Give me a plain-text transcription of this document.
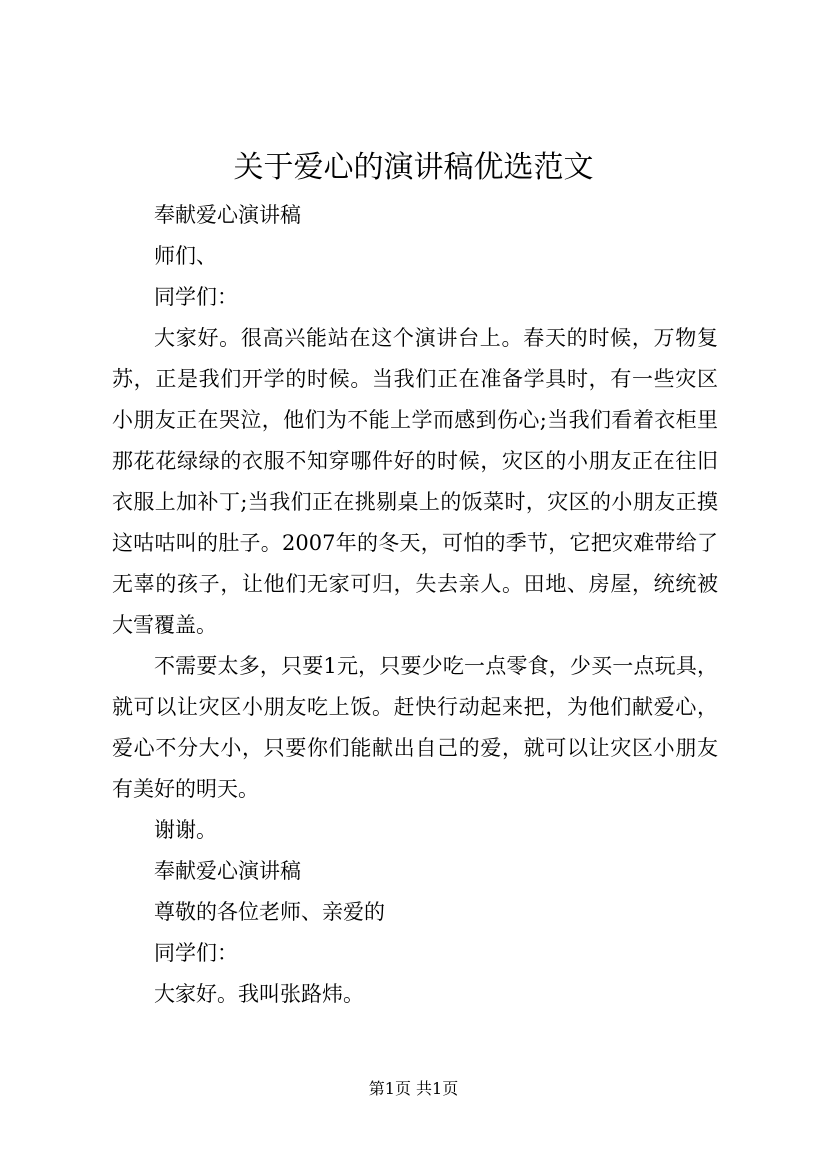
关于爱心的演讲稿优选范文

奉献爱心演讲稿

师们、

同学们：

大家好。很高兴能站在这个演讲台上。春天的时候，万物复苏，正是我们开学的时候。当我们正在准备学具时，有一些灾区小朋友正在哭泣，他们为不能上学而感到伤心;当我们看着衣柜里那花花绿绿的衣服不知穿哪件好的时候，灾区的小朋友正在往旧衣服上加补丁;当我们正在挑剔桌上的饭菜时，灾区的小朋友正摸这咕咕叫的肚子。2007年的冬天，可怕的季节，它把灾难带给了无辜的孩子，让他们无家可归，失去亲人。田地、房屋，统统被大雪覆盖。

不需要太多，只要1元，只要少吃一点零食，少买一点玩具，就可以让灾区小朋友吃上饭。赶快行动起来把，为他们献爱心，爱心不分大小，只要你们能献出自己的爱，就可以让灾区小朋友有美好的明天。

谢谢。

奉献爱心演讲稿

尊敬的各位老师、亲爱的

同学们：

大家好。我叫张路炜。

第1页 共1页
